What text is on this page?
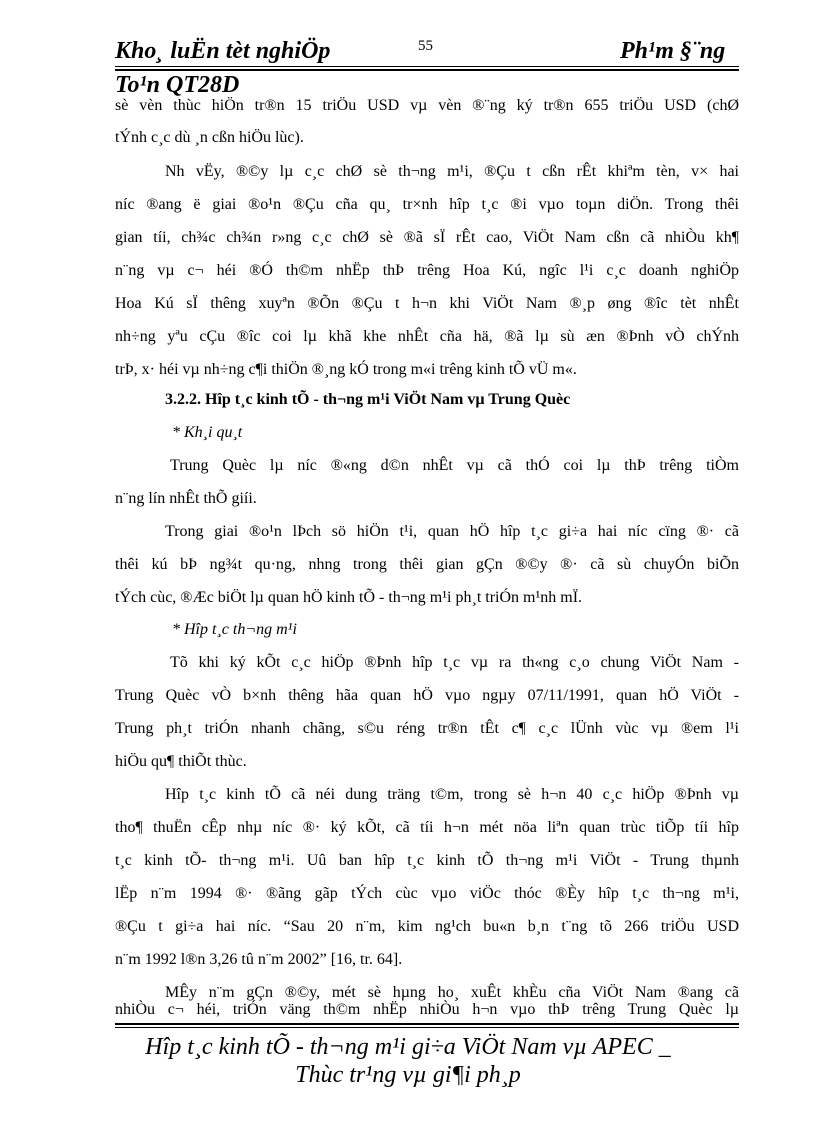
Kho¸ luËn tèt nghiÖp	55	Ph¹m §¨ng
To¹n QT28D
sè vèn thùc hiÖn tr®n 15 triÖu USD vµ vèn ®¨ng ký tr®n 655 triÖu USD (chØ
tÝnh c¸c dù ¸n cßn hiÖu lùc).
Nh vËy, ®©y lµ c¸c chØ sè th¬ng m¹i, ®Çu t cßn rÊt khiªm tèn, v× hai
níc ®ang ë giai ®o¹n ®Çu cña qu¸ tr×nh hîp t¸c ®i vµo toµn diÖn. Trong thêi
gian tíi, ch¾c ch¾n r»ng c¸c chØ sè ®ã sÏ rÊt cao, ViÖt Nam cßn cã nhiÒu kh¶
n¨ng vµ c¬ héi ®Ó th©m nhËp thÞ trêng Hoa Kú, ngîc l¹i c¸c doanh nghiÖp
Hoa Kú sÏ thêng xuyªn ®Õn ®Çu t h¬n khi ViÖt Nam ®¸p øng ®îc tèt nhÊt
nh÷ng yªu cÇu ®îc coi lµ khã khe nhÊt cña hä, ®ã lµ sù æn ®Þnh vÒ chÝnh
trÞ, x· héi vµ nh÷ng c¶i thiÖn ®¸ng kÓ trong m«i trêng kinh tÕ vÜ m«.
3.2.2. Hîp t¸c kinh tÕ - th¬ng m¹i ViÖt Nam vµ Trung Quèc
* Kh¸i qu¸t
Trung Quèc lµ níc ®«ng d©n nhÊt vµ cã thÓ coi lµ thÞ trêng tiÒm
n¨ng lín nhÊt thÕ giíi.
Trong giai ®o¹n lÞch sö hiÖn t¹i, quan hÖ hîp t¸c gi÷a hai níc cïng ®· cã
thêi kú bÞ ng¾t qu·ng, nhng trong thêi gian gÇn ®©y ®· cã sù chuyÓn biÕn
tÝch cùc, ®Æc biÖt lµ quan hÖ kinh tÕ - th¬ng m¹i ph¸t triÓn m¹nh mÏ.
* Hîp t¸c th¬ng m¹i
Tõ khi ký kÕt c¸c hiÖp ®Þnh hîp t¸c vµ ra th«ng c¸o chung ViÖt Nam -
Trung Quèc vÒ b×nh thêng hãa quan hÖ vµo ngµy 07/11/1991, quan hÖ ViÖt -
Trung ph¸t triÓn nhanh chãng, s©u réng tr®n tÊt c¶ c¸c lÜnh vùc vµ ®em l¹i
hiÖu qu¶ thiÕt thùc.
Hîp t¸c kinh tÕ cã néi dung träng t©m, trong sè h¬n 40 c¸c hiÖp ®Þnh vµ
tho¶ thuËn cÊp nhµ níc ®· ký kÕt, cã tíi h¬n mét nöa liªn quan trùc tiÕp tíi hîp
t¸c kinh tÕ- th¬ng m¹i. Uû ban hîp t¸c kinh tÕ th¬ng m¹i ViÖt - Trung thµnh
lËp n¨m 1994 ®· ®ãng gãp tÝch cùc vµo viÖc thóc ®Èy hîp t¸c th¬ng m¹i,
®Çu t gi÷a hai níc. “Sau 20 n¨m, kim ng¹ch bu«n b¸n t¨ng tõ 266 triÖu USD
n¨m 1992 l®n 3,26 tû n¨m 2002” [16, tr. 64].
MÊy n¨m gÇn ®©y, mét sè hµng ho¸ xuÊt khÈu cña ViÖt Nam ®ang cã
nhiÒu c¬ héi, triÓn väng th©m nhËp nhiÒu h¬n vµo thÞ trêng Trung Quèc lµ
Hîp t¸c kinh tÕ - th¬ng m¹i gi÷a ViÖt Nam vµ APEC _
Thùc tr¹ng vµ gi¶i ph¸p
